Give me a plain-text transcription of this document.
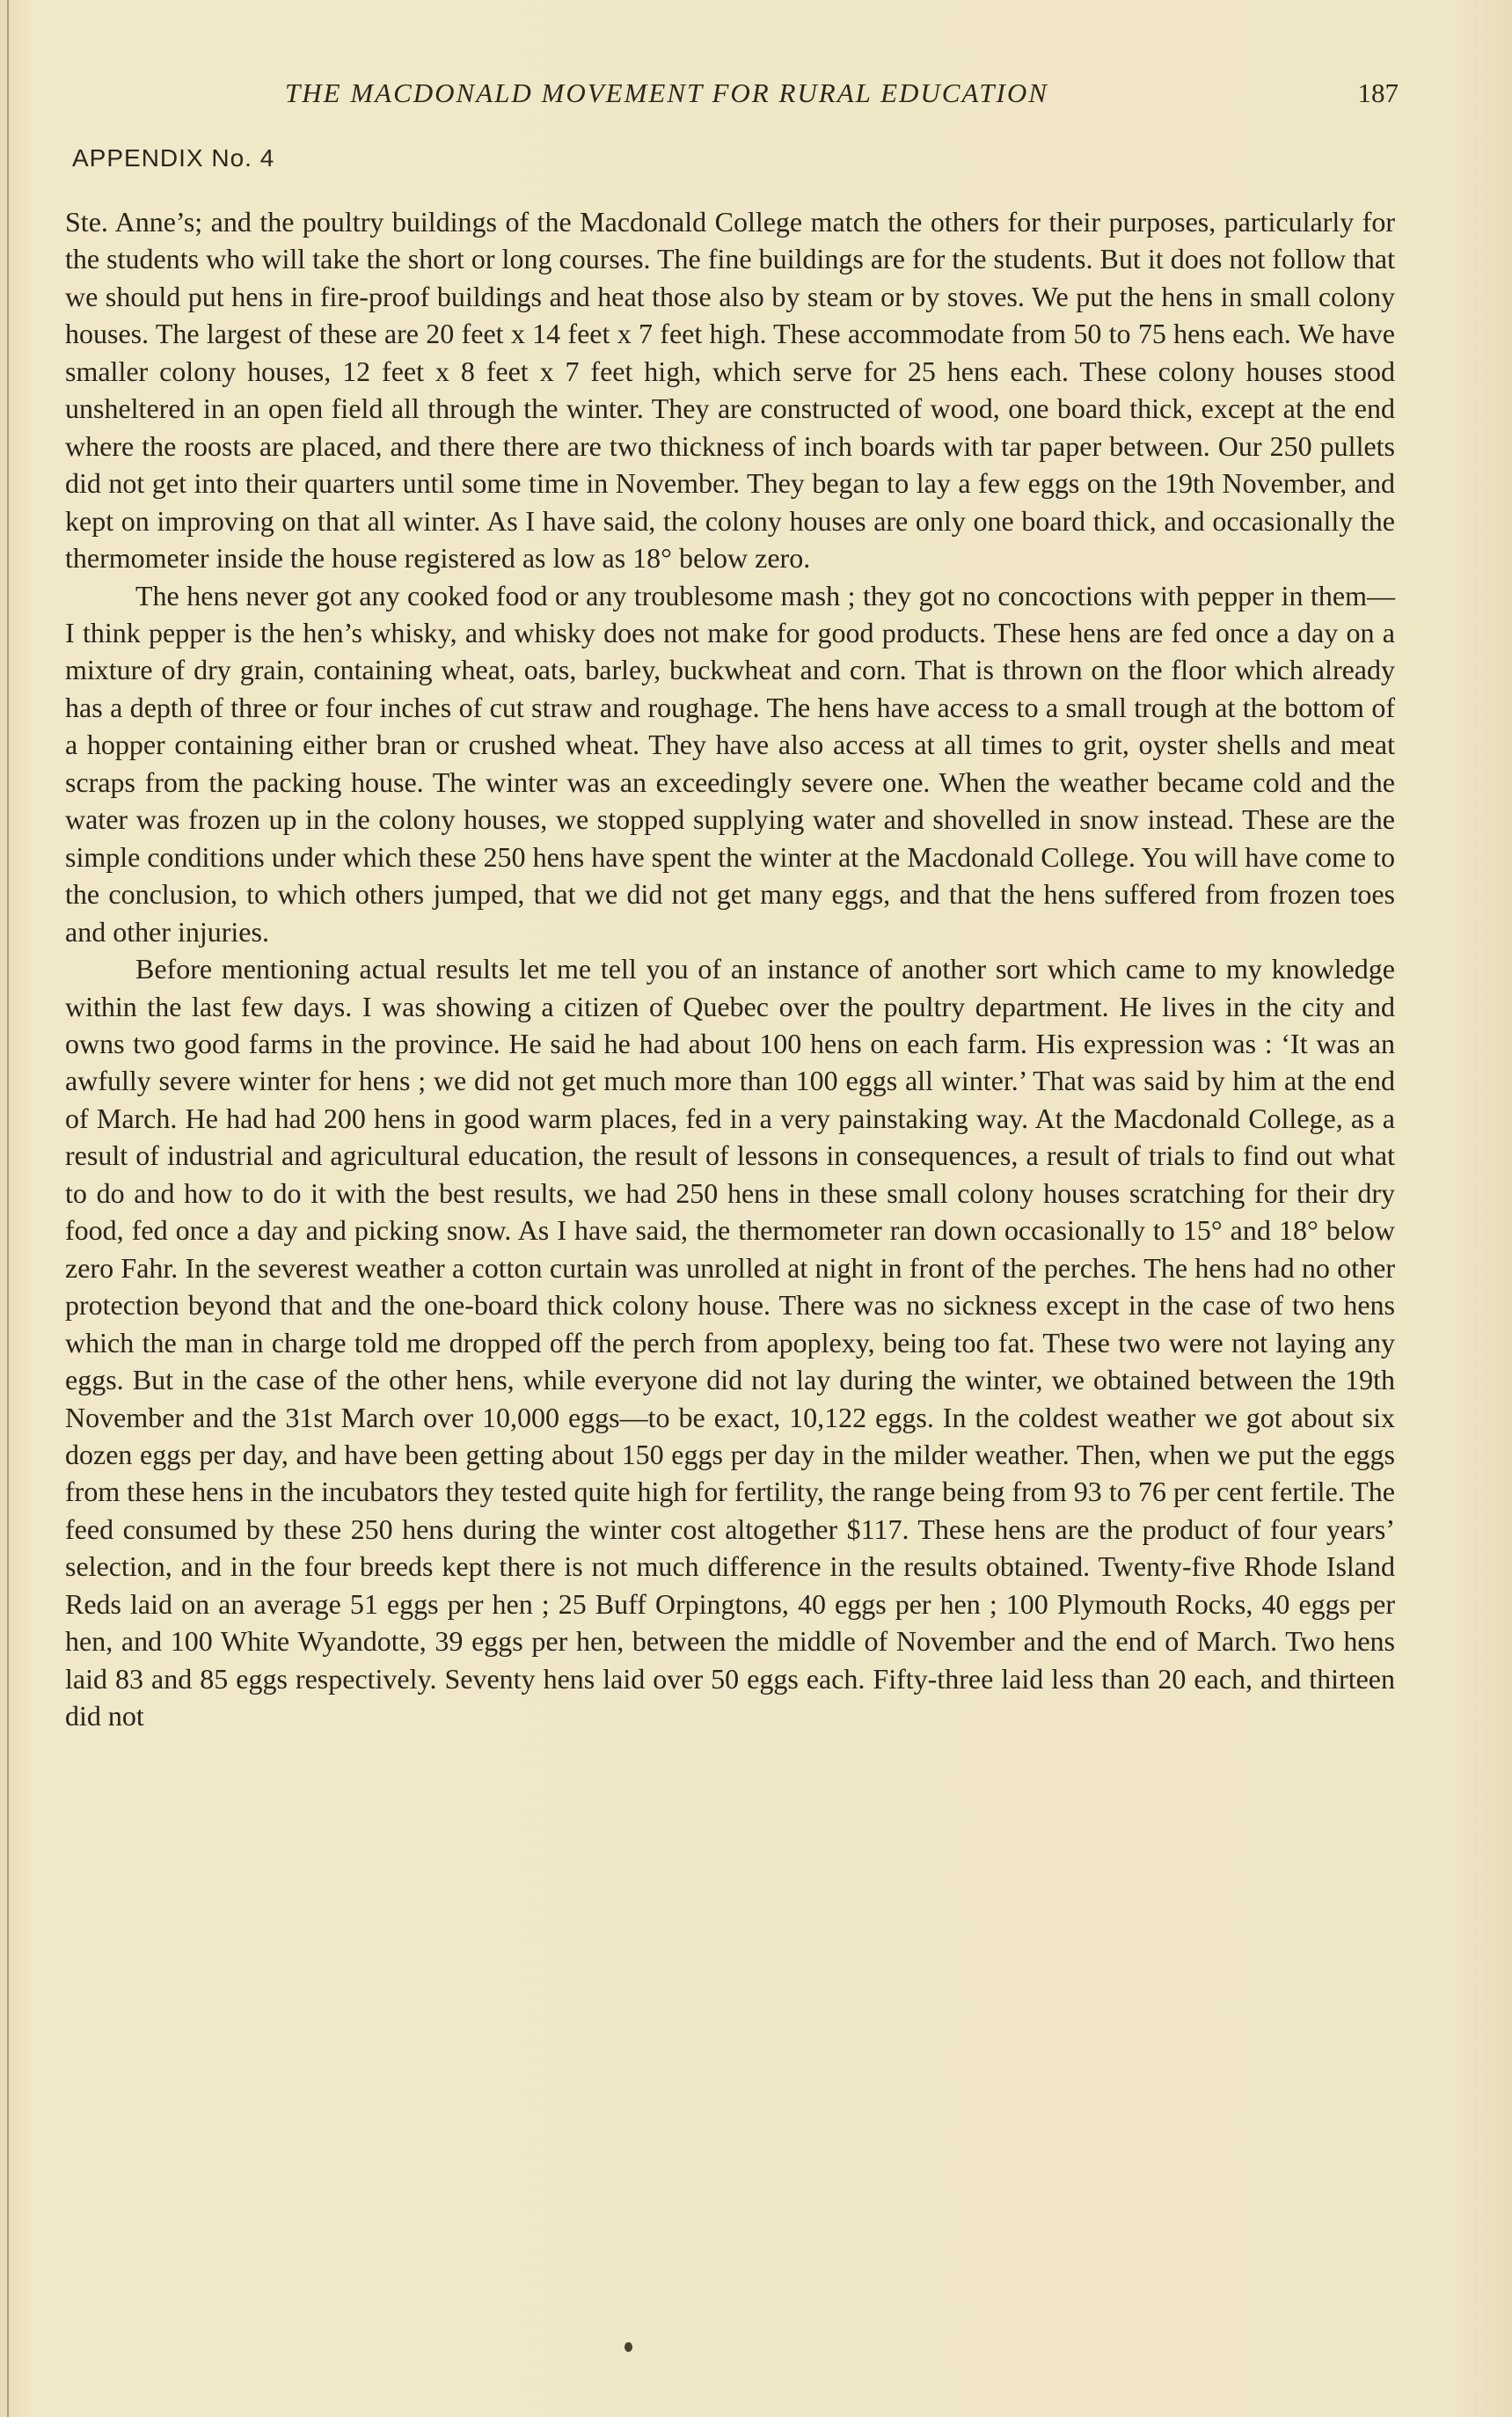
THE MACDONALD MOVEMENT FOR RURAL EDUCATION	187
APPENDIX No. 4

Ste. Anne’s; and the poultry buildings of the Macdonald College match the others for their purposes, particularly for the students who will take the short or long courses. The fine buildings are for the students. But it does not follow that we should put hens in fire-proof buildings and heat those also by steam or by stoves. We put the hens in small colony houses. The largest of these are 20 feet x 14 feet x 7 feet high. These accommodate from 50 to 75 hens each. We have smaller colony houses, 12 feet x 8 feet x 7 feet high, which serve for 25 hens each. These colony houses stood unsheltered in an open field all through the winter. They are constructed of wood, one board thick, except at the end where the roosts are placed, and there there are two thickness of inch boards with tar paper between. Our 250 pullets did not get into their quarters until some time in November. They began to lay a few eggs on the 19th November, and kept on improving on that all winter. As I have said, the colony houses are only one board thick, and occasionally the thermometer inside the house registered as low as 18° below zero.

The hens never got any cooked food or any troublesome mash ; they got no concoctions with pepper in them—I think pepper is the hen’s whisky, and whisky does not make for good products. These hens are fed once a day on a mixture of dry grain, containing wheat, oats, barley, buckwheat and corn. That is thrown on the floor which already has a depth of three or four inches of cut straw and roughage. The hens have access to a small trough at the bottom of a hopper containing either bran or crushed wheat. They have also access at all times to grit, oyster shells and meat scraps from the packing house. The winter was an exceedingly severe one. When the weather became cold and the water was frozen up in the colony houses, we stopped supplying water and shovelled in snow instead. These are the simple conditions under which these 250 hens have spent the winter at the Macdonald College. You will have come to the conclusion, to which others jumped, that we did not get many eggs, and that the hens suffered from frozen toes and other injuries.

Before mentioning actual results let me tell you of an instance of another sort which came to my knowledge within the last few days. I was showing a citizen of Quebec over the poultry department. He lives in the city and owns two good farms in the province. He said he had about 100 hens on each farm. His expression was : ‘It was an awfully severe winter for hens ; we did not get much more than 100 eggs all winter.’ That was said by him at the end of March. He had had 200 hens in good warm places, fed in a very painstaking way. At the Macdonald College, as a result of industrial and agricultural education, the result of lessons in consequences, a result of trials to find out what to do and how to do it with the best results, we had 250 hens in these small colony houses scratching for their dry food, fed once a day and picking snow. As I have said, the thermometer ran down occasionally to 15° and 18° below zero Fahr. In the severest weather a cotton curtain was unrolled at night in front of the perches. The hens had no other protection beyond that and the one-board thick colony house. There was no sickness except in the case of two hens which the man in charge told me dropped off the perch from apoplexy, being too fat. These two were not laying any eggs. But in the case of the other hens, while everyone did not lay during the winter, we obtained between the 19th November and the 31st March over 10,000 eggs—to be exact, 10,122 eggs. In the coldest weather we got about six dozen eggs per day, and have been getting about 150 eggs per day in the milder weather. Then, when we put the eggs from these hens in the incubators they tested quite high for fertility, the range being from 93 to 76 per cent fertile. The feed consumed by these 250 hens during the winter cost altogether $117. These hens are the product of four years’ selection, and in the four breeds kept there is not much difference in the results obtained. Twenty-five Rhode Island Reds laid on an average 51 eggs per hen ; 25 Buff Orpingtons, 40 eggs per hen ; 100 Plymouth Rocks, 40 eggs per hen, and 100 White Wyandotte, 39 eggs per hen, between the middle of November and the end of March. Two hens laid 83 and 85 eggs respectively. Seventy hens laid over 50 eggs each. Fifty-three laid less than 20 each, and thirteen did not
